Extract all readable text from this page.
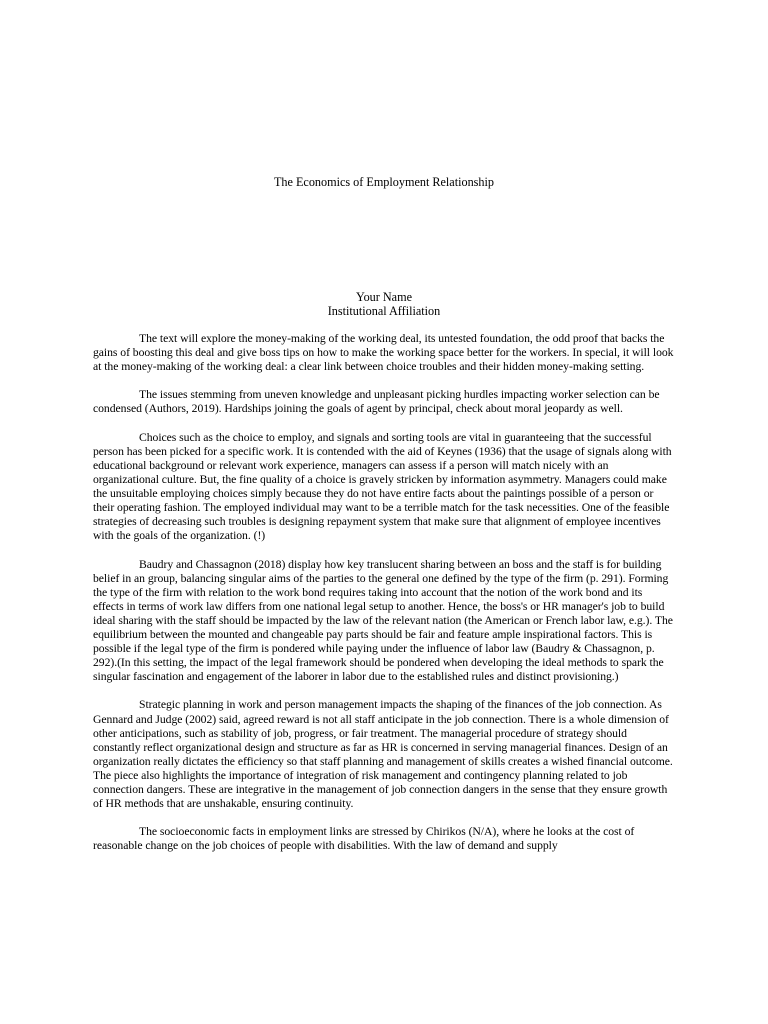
The Economics of Employment Relationship
Your Name
Institutional Affiliation

The text will explore the money-making of the working deal, its untested foundation, the odd proof that backs the gains of boosting this deal and give boss tips on how to make the working space better for the workers. In special, it will look at the money-making of the working deal: a clear link between choice troubles and their hidden money-making setting.

The issues stemming from uneven knowledge and unpleasant picking hurdles impacting worker selection can be condensed (Authors, 2019). Hardships joining the goals of agent by principal, check about moral jeopardy as well.

Choices such as the choice to employ, and signals and sorting tools are vital in guaranteeing that the successful person has been picked for a specific work. It is contended with the aid of Keynes (1936) that the usage of signals along with educational background or relevant work experience, managers can assess if a person will match nicely with an organizational culture. But, the fine quality of a choice is gravely stricken by information asymmetry. Managers could make the unsuitable employing choices simply because they do not have entire facts about the paintings possible of a person or their operating fashion. The employed individual may want to be a terrible match for the task necessities. One of the feasible strategies of decreasing such troubles is designing repayment system that make sure that alignment of employee incentives with the goals of the organization. (!)

Baudry and Chassagnon (2018) display how key translucent sharing between an boss and the staff is for building belief in an group, balancing singular aims of the parties to the general one defined by the type of the firm (p. 291). Forming the type of the firm with relation to the work bond requires taking into account that the notion of the work bond and its effects in terms of work law differs from one national legal setup to another. Hence, the boss's or HR manager's job to build ideal sharing with the staff should be impacted by the law of the relevant nation (the American or French labor law, e.g.). The equilibrium between the mounted and changeable pay parts should be fair and feature ample inspirational factors. This is possible if the legal type of the firm is pondered while paying under the influence of labor law (Baudry & Chassagnon, p. 292).(In this setting, the impact of the legal framework should be pondered when developing the ideal methods to spark the singular fascination and engagement of the laborer in labor due to the established rules and distinct provisioning.)

Strategic planning in work and person management impacts the shaping of the finances of the job connection. As Gennard and Judge (2002) said, agreed reward is not all staff anticipate in the job connection. There is a whole dimension of other anticipations, such as stability of job, progress, or fair treatment. The managerial procedure of strategy should constantly reflect organizational design and structure as far as HR is concerned in serving managerial finances. Design of an organization really dictates the efficiency so that staff planning and management of skills creates a wished financial outcome. The piece also highlights the importance of integration of risk management and contingency planning related to job connection dangers. These are integrative in the management of job connection dangers in the sense that they ensure growth of HR methods that are unshakable, ensuring continuity.

The socioeconomic facts in employment links are stressed by Chirikos (N/A), where he looks at the cost of reasonable change on the job choices of people with disabilities. With the law of demand and supply
